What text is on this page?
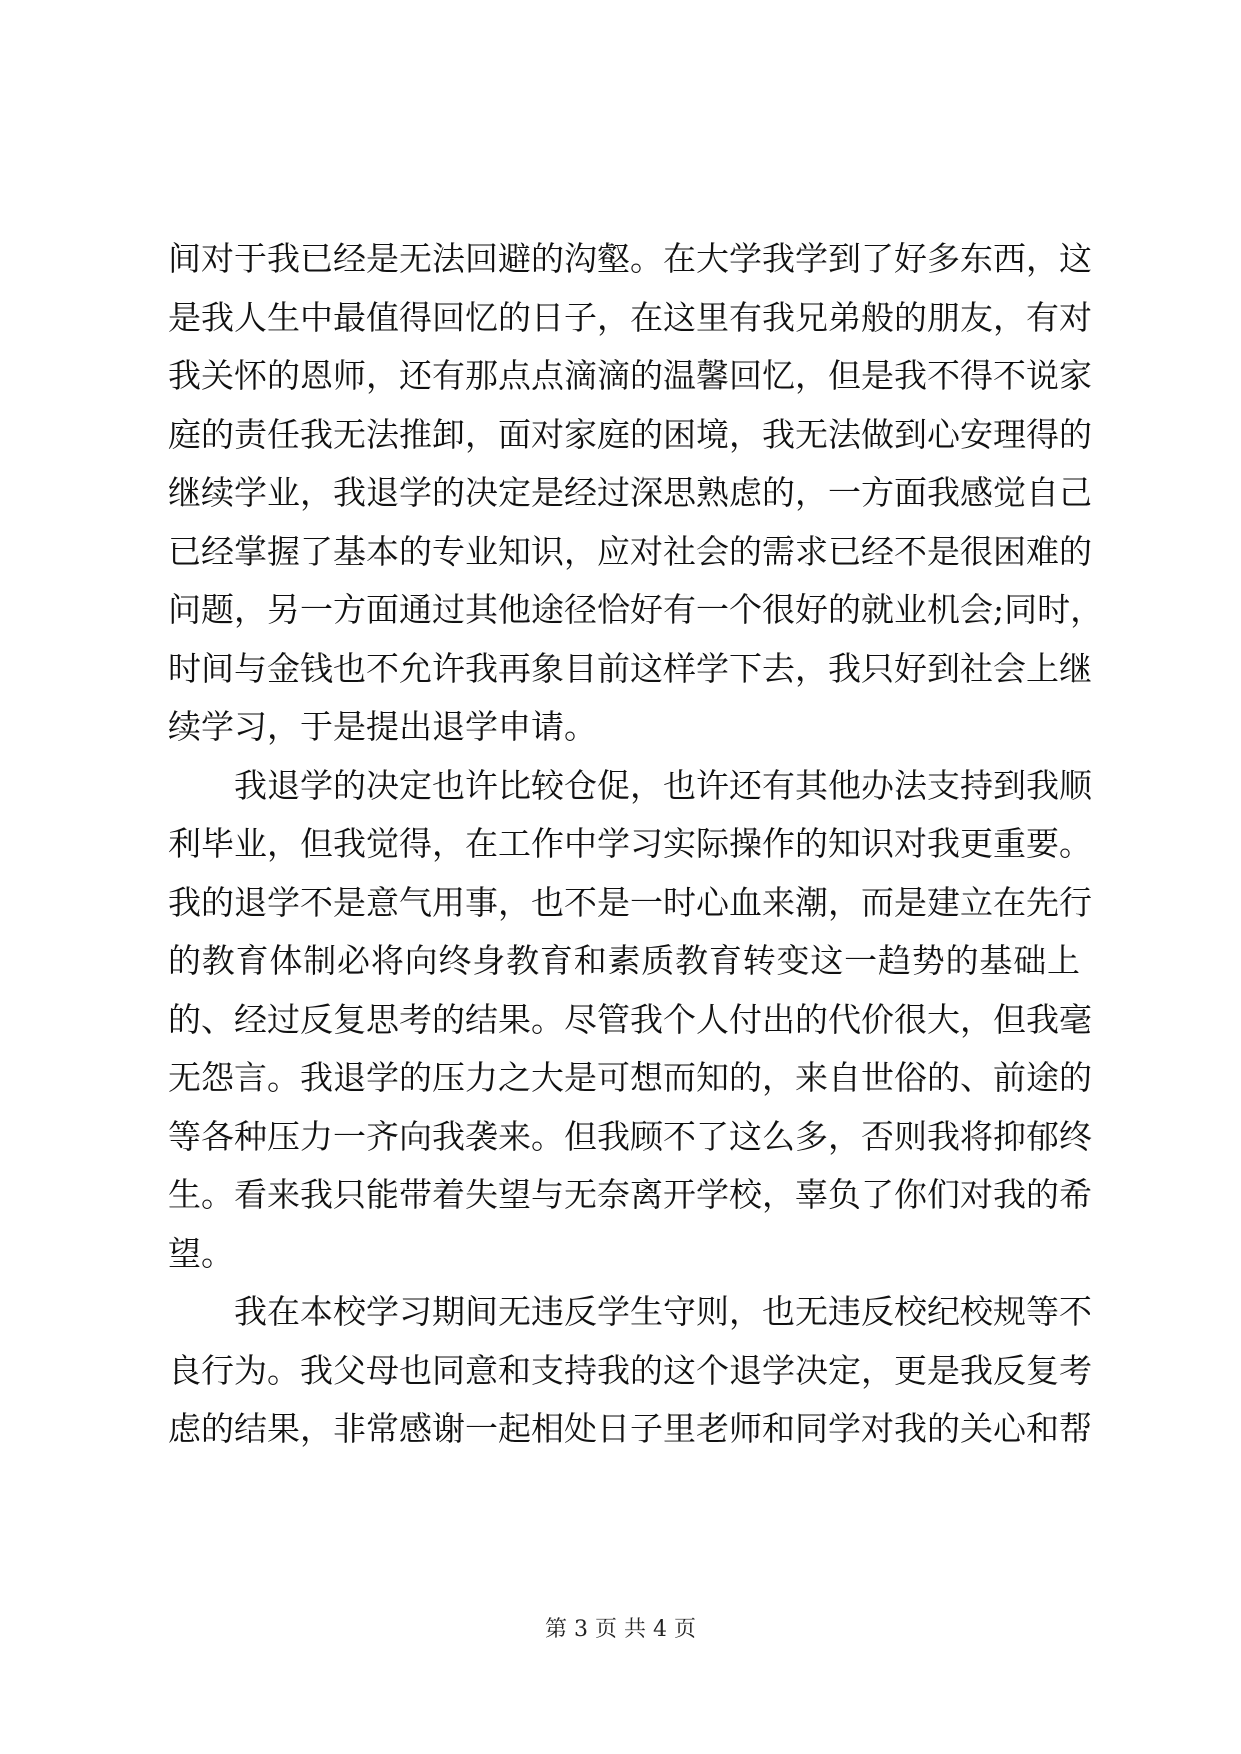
间对于我已经是无法回避的沟壑。在大学我学到了好多东西，这
是我人生中最值得回忆的日子，在这里有我兄弟般的朋友，有对
我关怀的恩师，还有那点点滴滴的温馨回忆，但是我不得不说家
庭的责任我无法推卸，面对家庭的困境，我无法做到心安理得的
继续学业，我退学的决定是经过深思熟虑的，一方面我感觉自己
已经掌握了基本的专业知识，应对社会的需求已经不是很困难的
问题，另一方面通过其他途径恰好有一个很好的就业机会;同时，
时间与金钱也不允许我再象目前这样学下去，我只好到社会上继
续学习，于是提出退学申请。
我退学的决定也许比较仓促，也许还有其他办法支持到我顺
利毕业，但我觉得，在工作中学习实际操作的知识对我更重要。
我的退学不是意气用事，也不是一时心血来潮，而是建立在先行
的教育体制必将向终身教育和素质教育转变这一趋势的基础上
的、经过反复思考的结果。尽管我个人付出的代价很大，但我毫
无怨言。我退学的压力之大是可想而知的，来自世俗的、前途的
等各种压力一齐向我袭来。但我顾不了这么多，否则我将抑郁终
生。看来我只能带着失望与无奈离开学校，辜负了你们对我的希
望。
我在本校学习期间无违反学生守则，也无违反校纪校规等不
良行为。我父母也同意和支持我的这个退学决定，更是我反复考
虑的结果，非常感谢一起相处日子里老师和同学对我的关心和帮
第 3 页 共 4 页
